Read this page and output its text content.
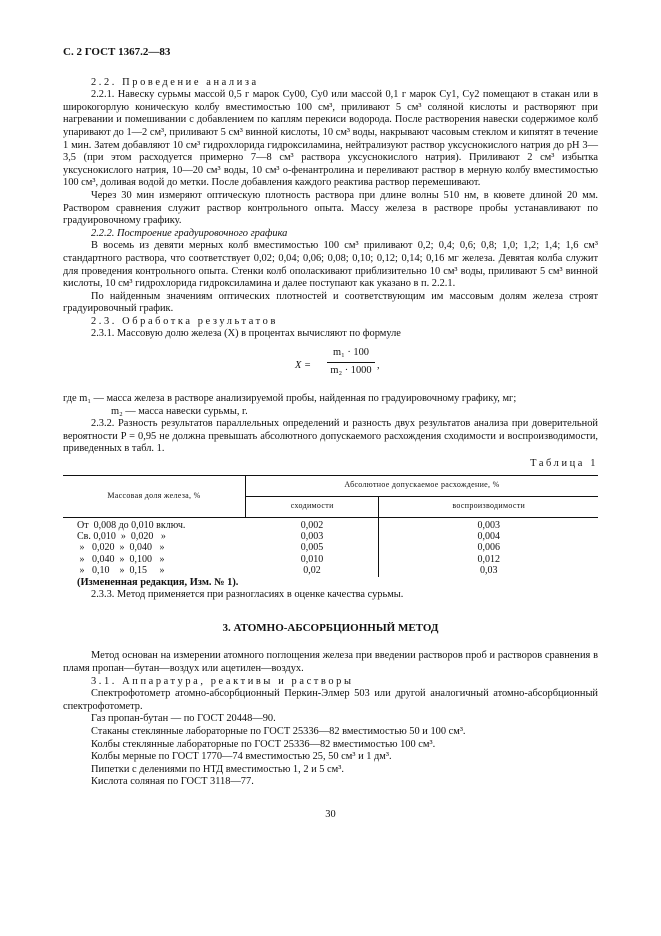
С. 2 ГОСТ 1367.2—83

2.2. Проведение анализа

2.2.1. Навеску сурьмы массой 0,5 г марок Су00, Су0 или массой 0,1 г марок Су1, Су2 помещают в стакан или в широкогорлую коническую колбу вместимостью 100 см³, приливают 5 см³ соляной кислоты и растворяют при нагревании и помешивании с добавлением по каплям перекиси водорода. После растворения навески содержимое колб упаривают до 1—2 см³, приливают 5 см³ винной кислоты, 10 см³ воды, накрывают часовым стеклом и кипятят в течение 1 мин. Затем добавляют 10 см³ гидрохлорида гидроксиламина, нейтрализуют раствор уксуснокислого натрия до pH 3—3,5 (при этом расходуется примерно 7—8 см³ раствора уксуснокислого натрия). Приливают 2 см³ избытка уксуснокислого натрия, 10—20 см³ воды, 10 см³ о-фенантролина и переливают раствор в мерную колбу вместимостью 100 см³, доливая водой до метки. После добавления каждого реактива раствор перемешивают.

Через 30 мин измеряют оптическую плотность раствора при длине волны 510 нм, в кювете длиной 20 мм. Раствором сравнения служит раствор контрольного опыта. Массу железа в растворе пробы устанавливают по градуировочному графику.

2.2.2. Построение градуировочного графика

В восемь из девяти мерных колб вместимостью 100 см³ приливают 0,2; 0,4; 0,6; 0,8; 1,0; 1,2; 1,4; 1,6 см³ стандартного раствора, что соответствует 0,02; 0,04; 0,06; 0,08; 0,10; 0,12; 0,14; 0,16 мг железа. Девятая колба служит для проведения контрольного опыта. Стенки колб ополаскивают приблизительно 10 см³ воды, приливают 5 см³ винной кислоты, 10 см³ гидрохлорида гидроксиламина и далее поступают как указано в п. 2.2.1.

По найденным значениям оптических плотностей и соответствующим им массовым долям железа строят градуировочный график.

2.3. Обработка результатов

2.3.1. Массовую долю железа (X) в процентах вычисляют по формуле

X =
m₁ · 100
m₂ · 1000 ,

где m₁ — масса железа в растворе анализируемой пробы, найденная по градуировочному графику, мг;

m₂ — масса навески сурьмы, г.

2.3.2. Разность результатов параллельных определений и разность двух результатов анализа при доверительной вероятности P = 0,95 не должна превышать абсолютного допускаемого расхождения сходимости и воспроизводимости, приведенных в табл. 1.

Таблица 1
Массовая доля железа, %	Абсолютное допускаемое расхождение, %	
	сходимости	воспроизводимости
От  0,008 до 0,010 включ.	0,002	0,003
Св. 0,010  »  0,020   »	0,003	0,004
»   0,020  »  0,040   »	0,005	0,006
»   0,040  »  0,100   »	0,010	0,012
»   0,10    »  0,15     »	0,02	0,03

(Измененная редакция, Изм. № 1).

2.3.3. Метод применяется при разногласиях в оценке качества сурьмы.

3. АТОМНО-АБСОРБЦИОННЫЙ МЕТОД

Метод основан на измерении атомного поглощения железа при введении растворов проб и растворов сравнения в пламя пропан—бутан—воздух или ацетилен—воздух.

3.1. Аппаратура, реактивы и растворы

Спектрофотометр атомно-абсорбционный Перкин-Элмер 503 или другой аналогичный атомно-абсорбционный спектрофотометр.

Газ пропан-бутан — по ГОСТ 20448—90.

Стаканы стеклянные лабораторные по ГОСТ 25336—82 вместимостью 50 и 100 см³.

Колбы стеклянные лабораторные по ГОСТ 25336—82 вместимостью 100 см³.

Колбы мерные по ГОСТ 1770—74 вместимостью 25, 50 см³ и 1 дм³.

Пипетки с делениями по НТД вместимостью 1, 2 и 5 см³.

Кислота соляная по ГОСТ 3118—77.

30
